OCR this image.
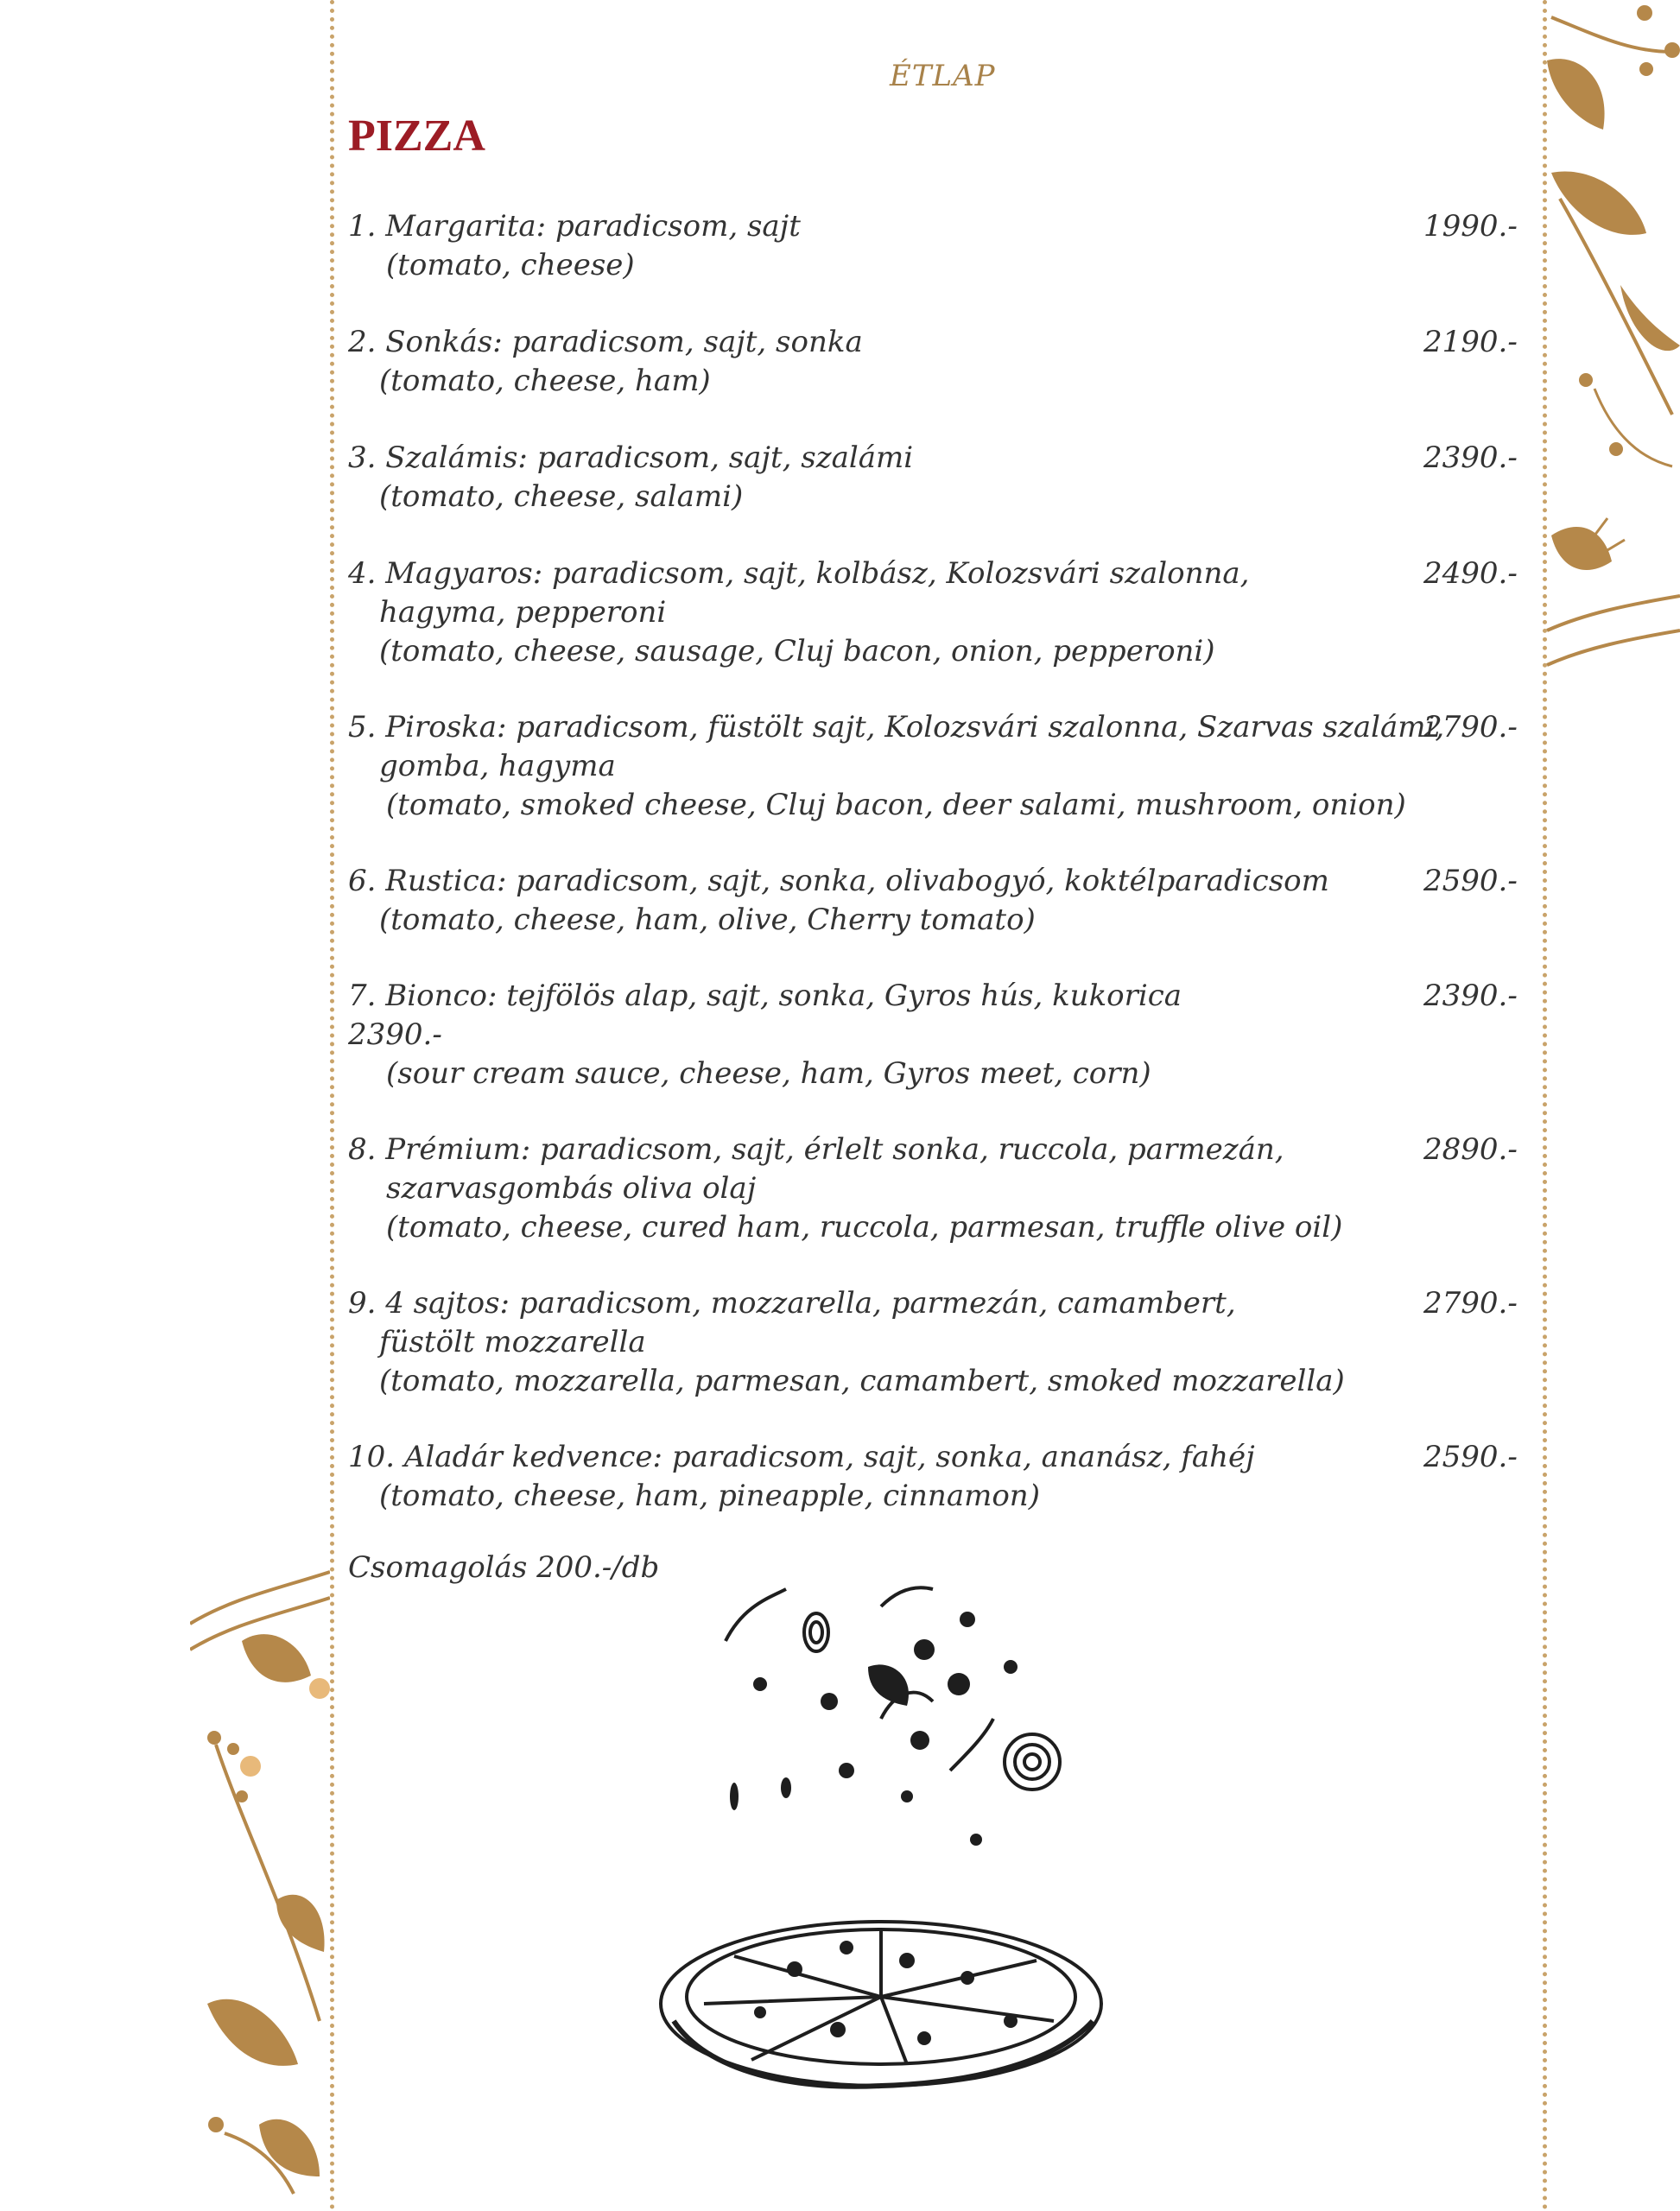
ÉTLAP
PIZZA
1. Margarita: paradicsom, sajt
(tomato, cheese)
1990.-
2. Sonkás: paradicsom, sajt, sonka
(tomato, cheese, ham)
2190.-
3. Szalámis: paradicsom, sajt, szalámi
(tomato, cheese, salami)
2390.-
4. Magyaros: paradicsom, sajt, kolbász, Kolozsvári szalonna,
hagyma, pepperoni
(tomato, cheese, sausage, Cluj bacon, onion, pepperoni)
2490.-
5. Piroska: paradicsom, füstölt sajt, Kolozsvári szalonna, Szarvas szalámi,
gomba, hagyma
(tomato, smoked cheese, Cluj bacon, deer salami, mushroom, onion)
2790.-
6. Rustica: paradicsom, sajt, sonka, olivabogyó, koktélparadicsom
(tomato, cheese, ham, olive, Cherry tomato)
2590.-
7. Bionco: tejfölös alap, sajt, sonka, Gyros hús, kukorica
2390.-
(sour cream sauce, cheese, ham, Gyros meet, corn)
2390.-
8. Prémium: paradicsom, sajt, érlelt sonka, ruccola, parmezán,
szarvasgombás oliva olaj
(tomato, cheese, cured ham, ruccola, parmesan, truffle olive oil)
2890.-
9. 4 sajtos: paradicsom, mozzarella, parmezán, camambert,
füstölt mozzarella
(tomato, mozzarella, parmesan, camambert, smoked mozzarella)
2790.-
10. Aladár kedvence: paradicsom, sajt, sonka, ananász, fahéj
(tomato, cheese, ham, pineapple, cinnamon)
2590.-
Csomagolás 200.-/db
